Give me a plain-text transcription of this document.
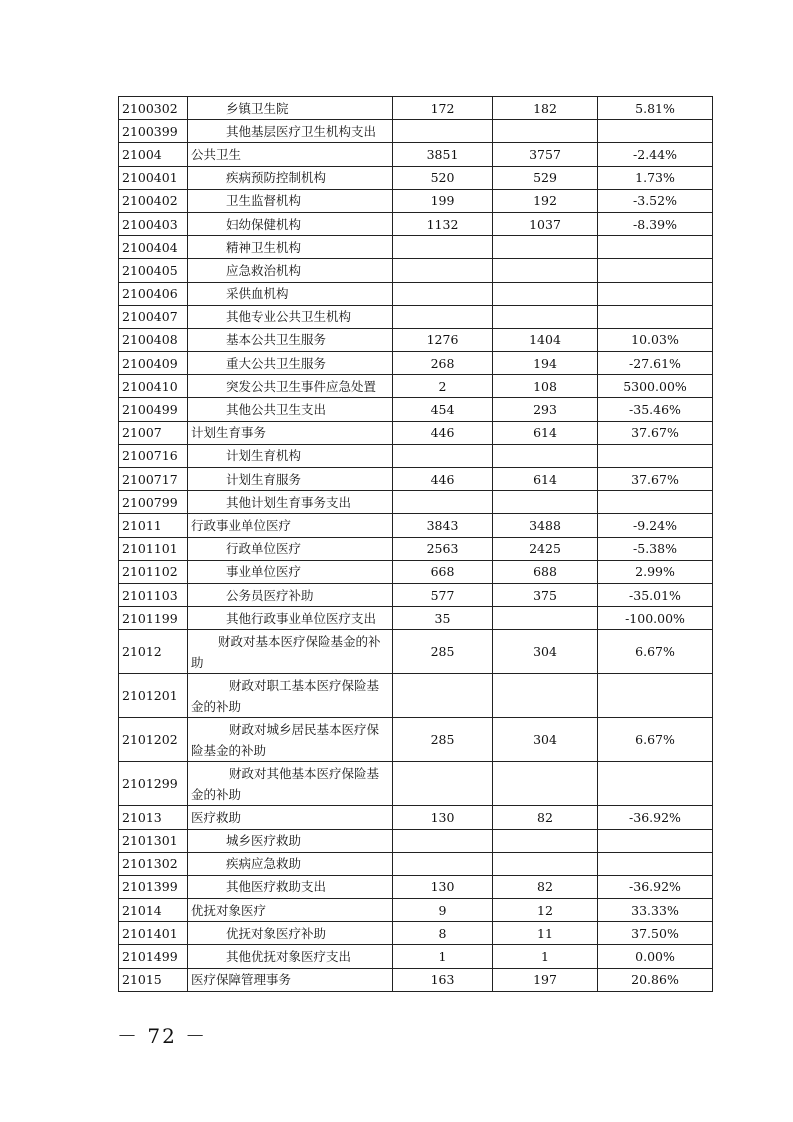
2100302	乡镇卫生院	172	182	5.81%
2100399	其他基层医疗卫生机构支出			
21004	公共卫生	3851	3757	-2.44%
2100401	疾病预防控制机构	520	529	1.73%
2100402	卫生监督机构	199	192	-3.52%
2100403	妇幼保健机构	1132	1037	-8.39%
2100404	精神卫生机构			
2100405	应急救治机构			
2100406	采供血机构			
2100407	其他专业公共卫生机构			
2100408	基本公共卫生服务	1276	1404	10.03%
2100409	重大公共卫生服务	268	194	-27.61%
2100410	突发公共卫生事件应急处置	2	108	5300.00%
2100499	其他公共卫生支出	454	293	-35.46%
21007	计划生育事务	446	614	37.67%
2100716	计划生育机构			
2100717	计划生育服务	446	614	37.67%
2100799	其他计划生育事务支出			
21011	行政事业单位医疗	3843	3488	-9.24%
2101101	行政单位医疗	2563	2425	-5.38%
2101102	事业单位医疗	668	688	2.99%
2101103	公务员医疗补助	577	375	-35.01%
2101199	其他行政事业单位医疗支出	35		-100.00%
21012	财政对基本医疗保险基金的补助	285	304	6.67%
2101201	财政对职工基本医疗保险基金的补助			
2101202	财政对城乡居民基本医疗保险基金的补助	285	304	6.67%
2101299	财政对其他基本医疗保险基金的补助			
21013	医疗救助	130	82	-36.92%
2101301	城乡医疗救助			
2101302	疾病应急救助			
2101399	其他医疗救助支出	130	82	-36.92%
21014	优抚对象医疗	9	12	33.33%
2101401	优抚对象医疗补助	8	11	37.50%
2101499	其他优抚对象医疗支出	1	1	0.00%
21015	医疗保障管理事务	163	197	20.86%
－ 72 －
